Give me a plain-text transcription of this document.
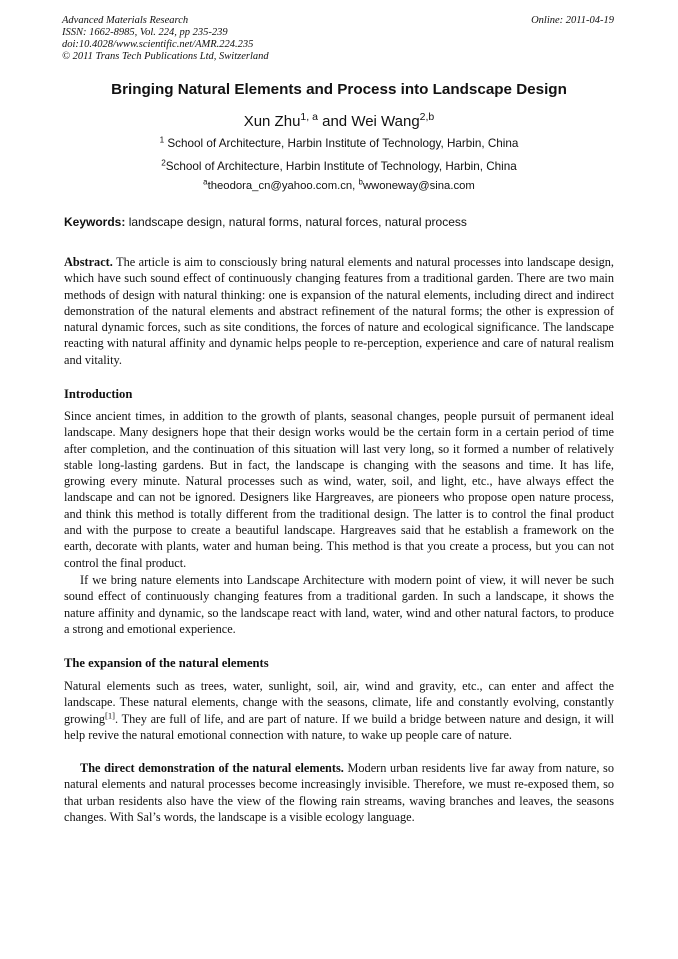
Advanced Materials Research
ISSN: 1662-8985, Vol. 224, pp 235-239
doi:10.4028/www.scientific.net/AMR.224.235
© 2011 Trans Tech Publications Ltd, Switzerland
Online: 2011-04-19
Bringing Natural Elements and Process into Landscape Design
Xun Zhu$^{1, a}$ and Wei Wang$^{2,b}$
$^1$ School of Architecture, Harbin Institute of Technology, Harbin, China
$^2$School of Architecture, Harbin Institute of Technology, Harbin, China
$^a$theodora_cn@yahoo.com.cn, $^b$wwoneway@sina.com
Keywords: landscape design, natural forms, natural forces, natural process
Abstract. The article is aim to consciously bring natural elements and natural processes into landscape design, which have such sound effect of continuously changing features from a traditional garden. There are two main methods of design with natural thinking: one is expansion of the natural elements, including direct and indirect demonstration of the natural elements and abstract refinement of the natural forms; the other is expression of natural dynamic forces, such as site conditions, the forces of nature and ecological significance. The landscape reacting with natural affinity and dynamic helps people to re-perception, experience and care of natural realism and vitality.
Introduction
Since ancient times, in addition to the growth of plants, seasonal changes, people pursuit of permanent ideal landscape. Many designers hope that their design works would be the certain form in a certain period of time after completion, and the continuation of this situation will last very long, so it formed a number of relatively stable long-lasting gardens. But in fact, the landscape is changing with the seasons and time. It has life, growing every minute. Natural processes such as wind, water, soil, and light, etc., have always effect the landscape and can not be ignored. Designers like Hargreaves, are pioneers who propose open nature process, and think this method is totally different from the traditional design. The latter is to control the final product and with the purpose to create a beautiful landscape. Hargreaves said that he establish a framework on the earth, decorate with plants, water and human being. This method is that you create a process, but you can not control the final product.
If we bring nature elements into Landscape Architecture with modern point of view, it will never be such sound effect of continuously changing features from a traditional garden. In such a landscape, it shows the nature affinity and dynamic, so the landscape react with land, water, wind and other natural factors, to produce a strong and emotional experience.
The expansion of the natural elements
Natural elements such as trees, water, sunlight, soil, air, wind and gravity, etc., can enter and affect the landscape. These natural elements, change with the seasons, climate, life and constantly evolving, constantly growing[1]. They are full of life, and are part of nature. If we build a bridge between nature and design, it will help revive the natural emotional connection with nature, to wake up people care of nature.
The direct demonstration of the natural elements. Modern urban residents live far away from nature, so natural elements and natural processes become increasingly invisible. Therefore, we must re-exposed them, so that urban residents also have the view of the flowing rain streams, waving branches and leaves, the seasons changes. With Sal’s words, the landscape is a visible ecology language.
